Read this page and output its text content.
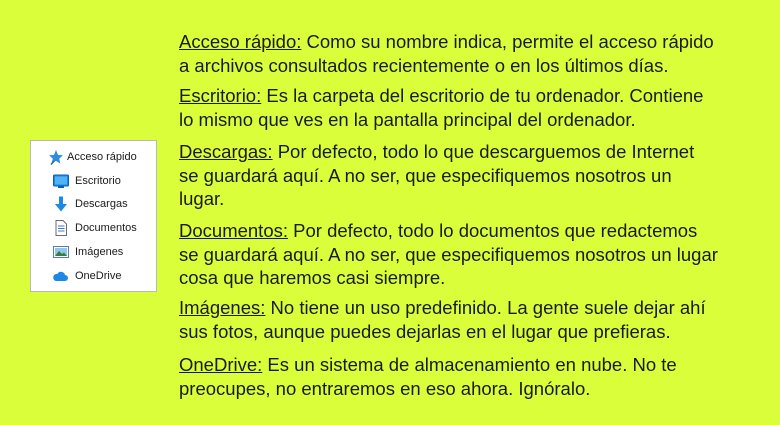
Acceso rápido
Escritorio
Descargas
Documentos
Imágenes
OneDrive

Acceso rápido: Como su nombre indica, permite el acceso rápido
a archivos consultados recientemente o en los últimos días.

Escritorio: Es la carpeta del escritorio de tu ordenador. Contiene
lo mismo que ves en la pantalla principal del ordenador.

Descargas: Por defecto, todo lo que descarguemos de Internet
se guardará aquí. A no ser, que especifiquemos nosotros un
lugar.

Documentos: Por defecto, todo lo documentos que redactemos
se guardará aquí. A no ser, que especifiquemos nosotros un lugar
cosa que haremos casi siempre.

Imágenes: No tiene un uso predefinido. La gente suele dejar ahí
sus fotos, aunque puedes dejarlas en el lugar que prefieras.

OneDrive: Es un sistema de almacenamiento en nube. No te
preocupes, no entraremos en eso ahora. Ignóralo.
